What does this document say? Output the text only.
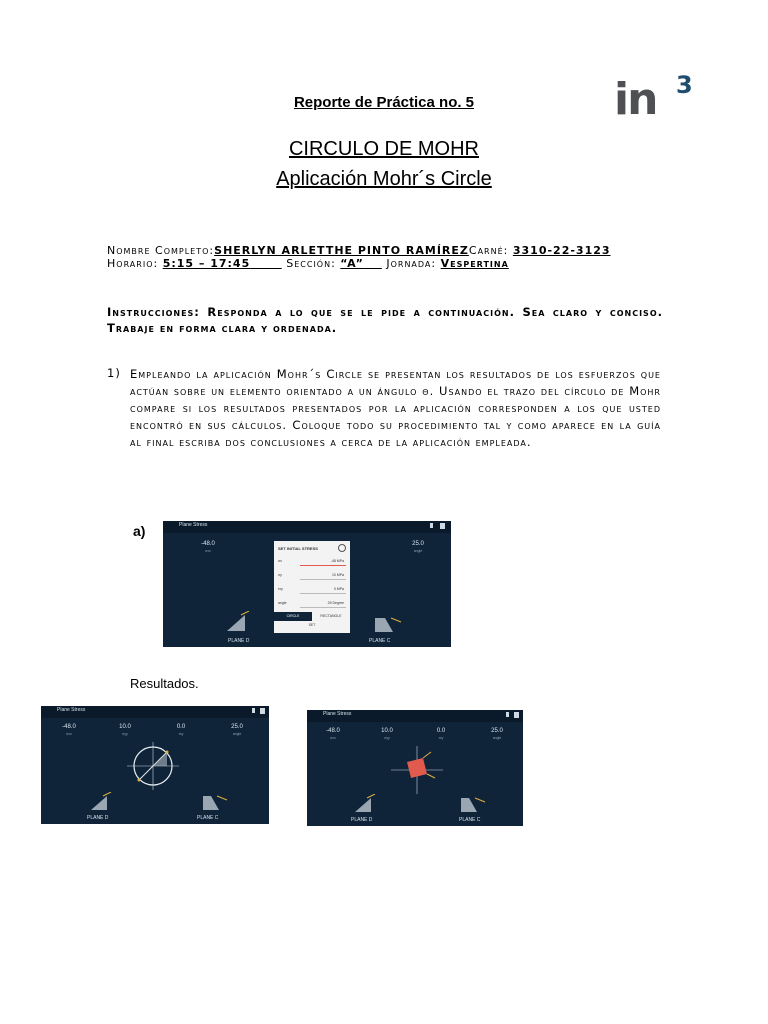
in 3
Reporte de Práctica no. 5
CIRCULO DE MOHR
Aplicación Mohr´s Circle
Nombre Completo:SHERLYN ARLETTHE PINTO RAMÍREZCarné: 3310-22-3123
Horario: 5:15 – 17:45	Sección: “A” Jornada: Vespertina
Instrucciones: Responda a lo que se le pide a continuación. Sea claro y conciso. Trabaje en forma clara y ordenada.
1) Empleando la aplicación Mohr´s Circle se presentan los resultados de los esfuerzos que actúan sobre un elemento orientado a un ángulo θ. Usando el trazo del círculo de Mohr compare si los resultados presentados por la aplicación corresponden a los que usted encontró en sus cálculos. Coloque todo su procedimiento tal y como aparece en la guía al final escriba dos conclusiones a cerca de la aplicación empleada.
a)	Plane Stress
-48.0
σxx
25.0
angle
PLANE D	PLANE C
SET INITIAL STRESS
σx	-48 MPa
σy	10 MPa
τxy	0 MPa
angle	25 Degree
CIRCLE	RECTANGLE
SET
Resultados.
Plane Stress
-48.0
σxx
10.0
σyy
0.0
τxy
25.0
angle
PLANE D	PLANE C
Plane Stress
-48.0
σxx
10.0
σyy
0.0
τxy
25.0
angle
PLANE D	PLANE C
